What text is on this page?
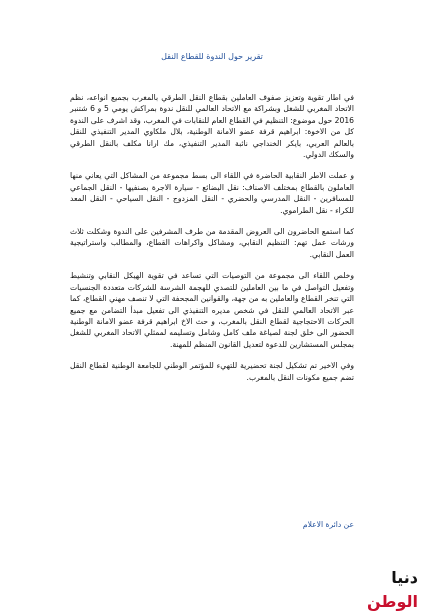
تقرير حول الندوة للقطاع النقل

في اطار تقوية وتعزيز صفوف العاملين بقطاع النقل الطرقي بالمغرب بجميع انواعه، نظم الاتحاد المغربي للشغل وبشراكة مع الاتحاد العالمي للنقل ندوة بمراكش يومي 5 و 6 شتنبر 2016 حول موضوع: التنظيم في القطاع العام للنقابات في المغرب، وقد اشرف على الندوة كل من الاخوة: ابراهيم قرفة عضو الامانة الوطنية، بلال ملكاوي المدير التنفيذي للنقل بالعالم العربي، بايكر الخنداجي نائبة المدير التنفيذي، مك ارانا مكلف بالنقل الطرقي والسكك الدولي.

و عملت الاطر النقابية الحاضرة في اللقاء الى بسط مجموعة من المشاكل التي يعاني منها العاملون بالقطاع بمختلف الاصناف: نقل البضائع - سيارة الاجرة بصنفيها - النقل الجماعي للمسافرين - النقل المدرسي والحضري - النقل المزدوج - النقل السياحي - النقل المعد للكراء - نقل الطراموي.

كما استمع الحاضرون الى العروض المقدمة من طرف المشرفين على الندوة وشكلت ثلاث ورشات عمل تهم: التنظيم النقابي، ومشاكل واكراهات القطاع، والمطالب واستراتيجية العمل النقابي.

وخلص اللقاء الى مجموعة من التوصيات التي تساعد في تقوية الهيكل النقابي وتنشيط وتفعيل التواصل في ما بين العاملين للتصدي للهجمة الشرسة للشركات متعددة الجنسيات التي تنخر القطاع والعاملين به من جهة، والقوانين المجحفة التي لا تنصف مهني القطاع، كما عبر الاتحاد العالمي للنقل في شخص مديره التنفيذي الى تفعيل مبدأ التضامن مع جميع الحركات الاحتجاجية لقطاع النقل بالمغرب، و حث الاخ ابراهيم قرفة عضو الامانة الوطنية الحضور الى خلق لجنة لصياغة ملف كامل وشامل وتسليمه لممثلي الاتحاد المغربي للشغل بمجلس المستشارين للدعوة لتعديل القانون المنظم للمهنة.

وفي الاخير تم تشكيل لجنة تحضيرية للتهيء للمؤتمر الوطني للجامعة الوطنية لقطاع النقل تضم جميع مكونات النقل بالمغرب.

عن دائرة الاعلام
دنيا الوطن
